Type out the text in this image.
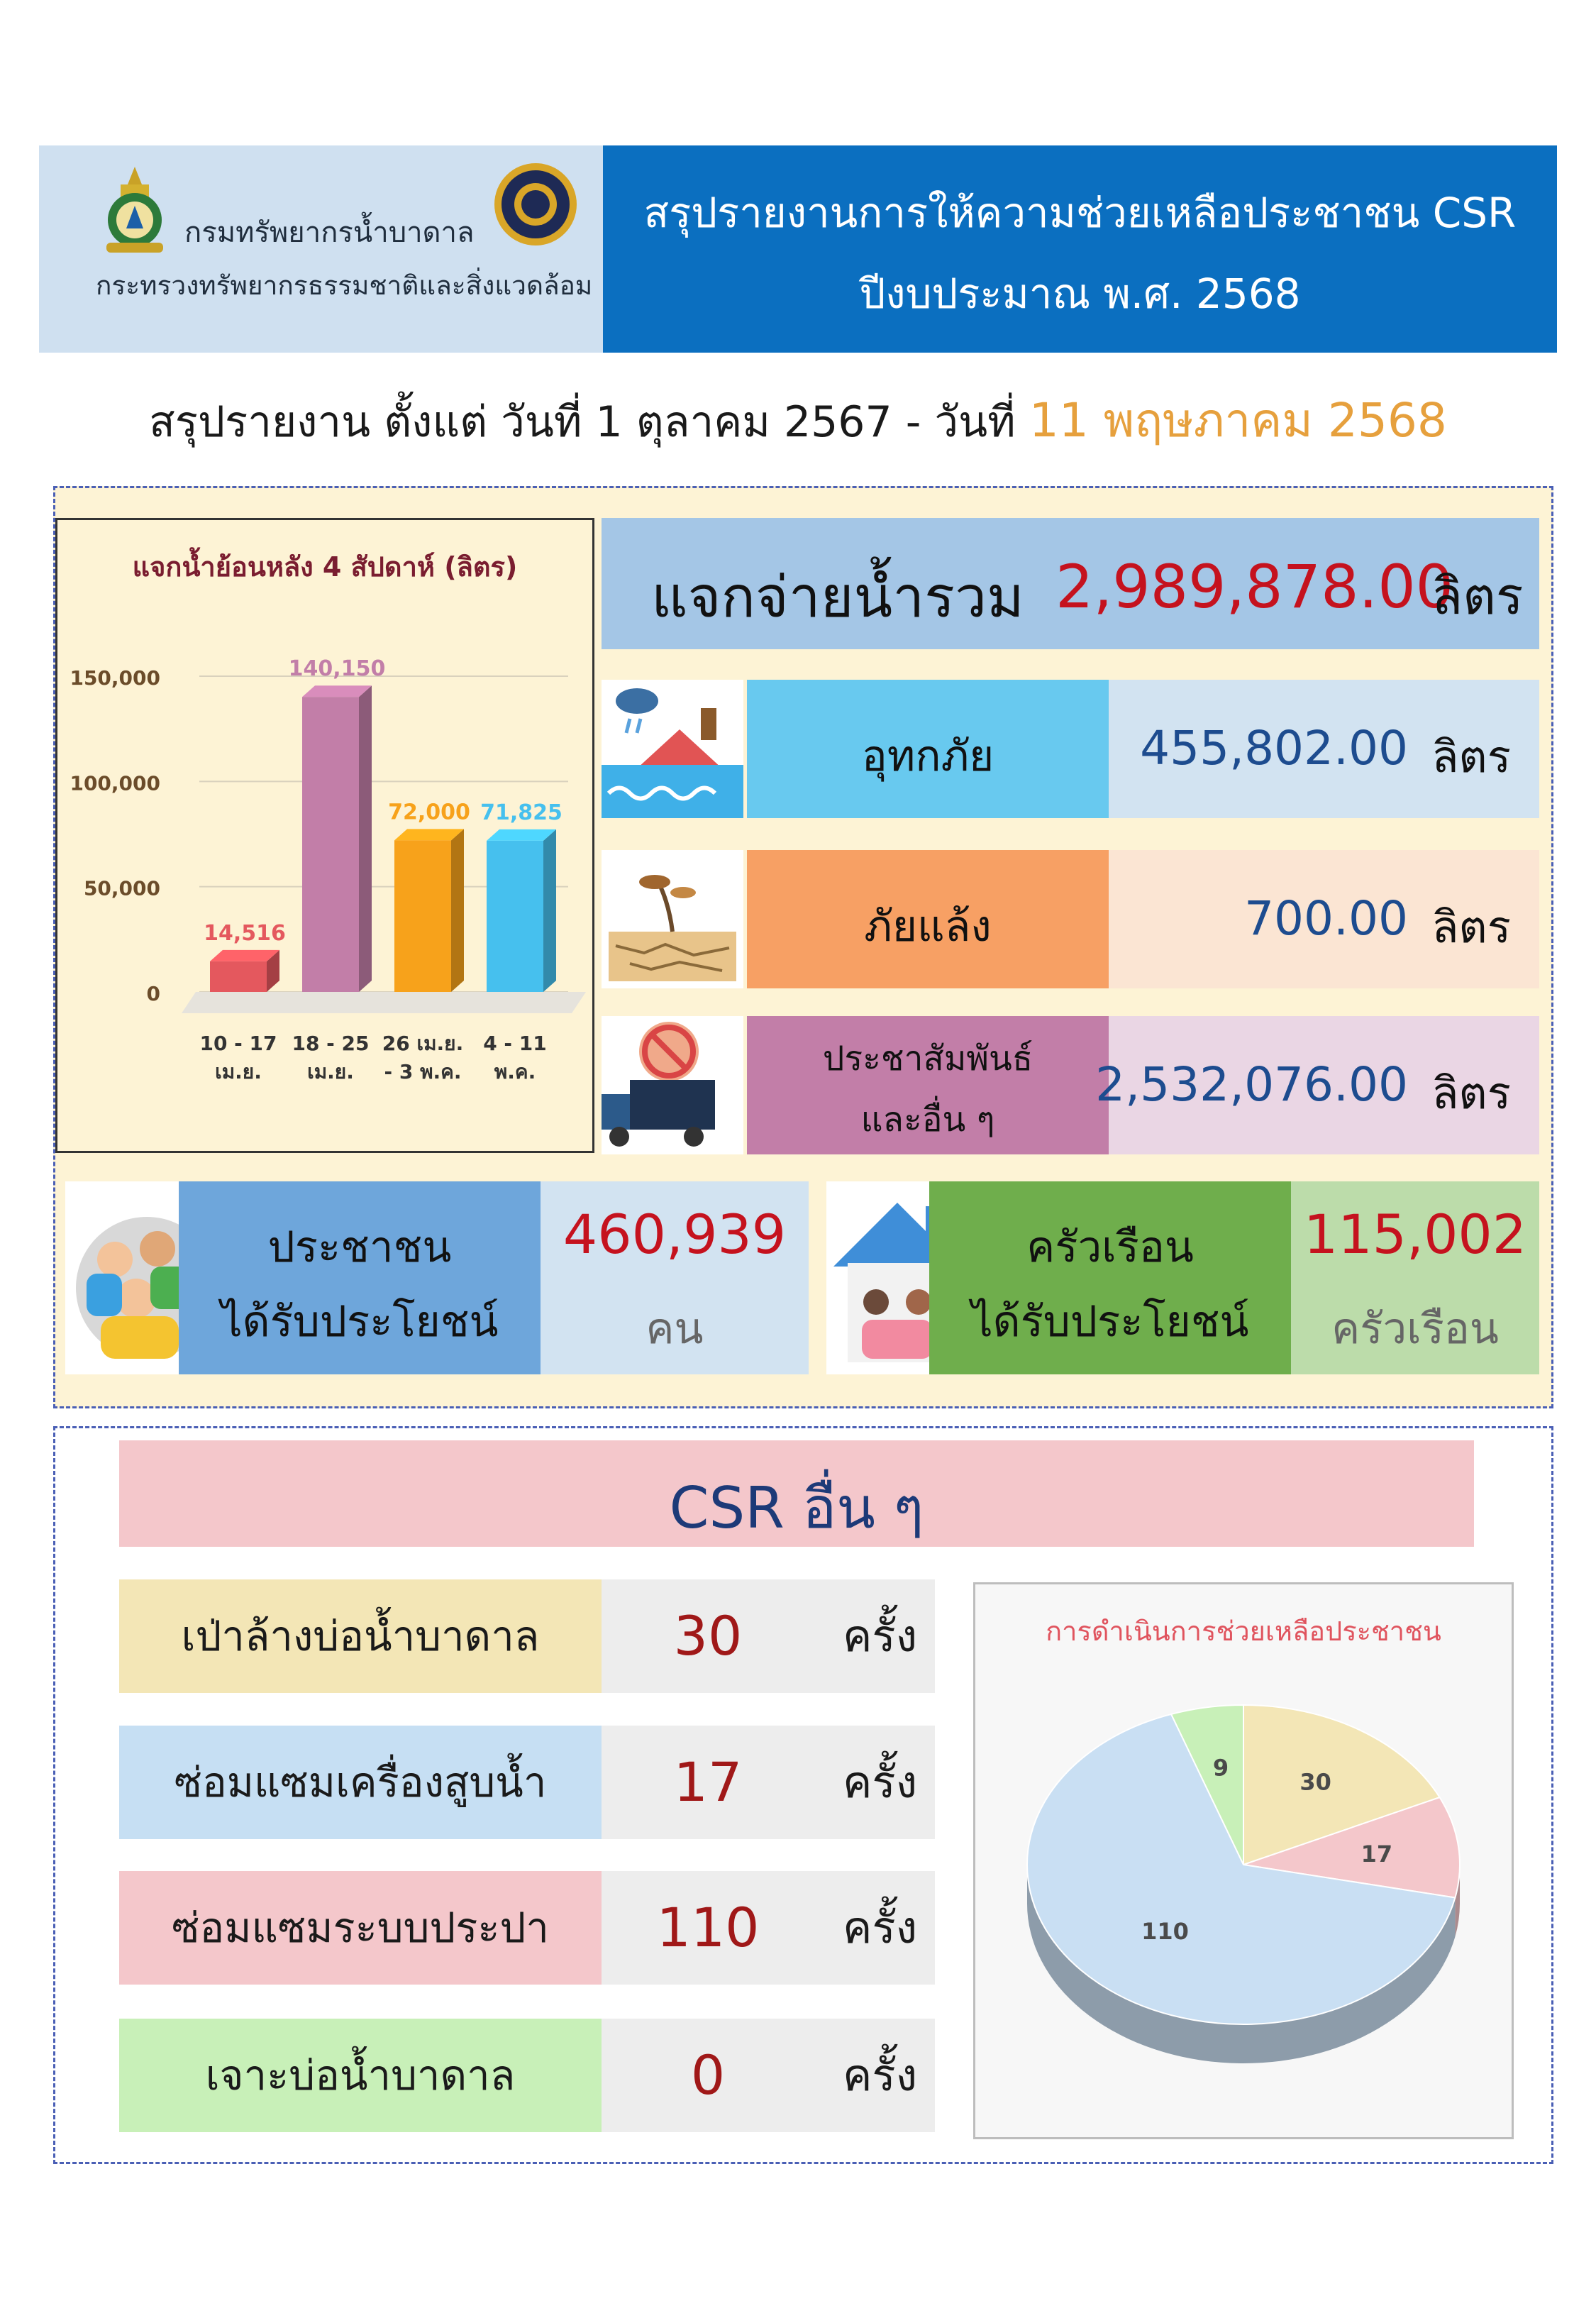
กรมทรัพยากรน้ำบาดาล
กระทรวงทรัพยากรธรรมชาติและสิ่งแวดล้อม
สรุปรายงานการให้ความช่วยเหลือประชาชน CSR
ปีงบประมาณ พ.ศ. 2568
สรุปรายงาน ตั้งแต่ วันที่ 1 ตุลาคม 2567 - วันที่ 11 พฤษภาคม 2568
แจกน้ำย้อนหลัง 4 สัปดาห์ (ลิตร)
0
50,000
100,000
150,000
14,516
10 - 17
เม.ย.
140,150
18 - 25
เม.ย.
72,000
26 เม.ย.
- 3 พ.ค.
71,825
4 - 11
พ.ค.
แจกจ่ายน้ำรวม 2,989,878.00
ลิตร
อุทกภัย	455,802.00 ลิตร
ภัยแล้ง	700.00 ลิตร
ประชาสัมพันธ์
และอื่น ๆ
2,532,076.00 ลิตร
ประชาชน
ได้รับประโยชน์
460,939
คน
ครัวเรือน
ได้รับประโยชน์
115,002
ครัวเรือน
CSR อื่น ๆ
เป่าล้างบ่อน้ำบาดาล	30	ครั้ง
ซ่อมแซมเครื่องสูบน้ำ	17	ครั้ง
ซ่อมแซมระบบประปา	110	ครั้ง
เจาะบ่อน้ำบาดาล	0	ครั้ง
การดำเนินการช่วยเหลือประชาชน
30
17
110
9
